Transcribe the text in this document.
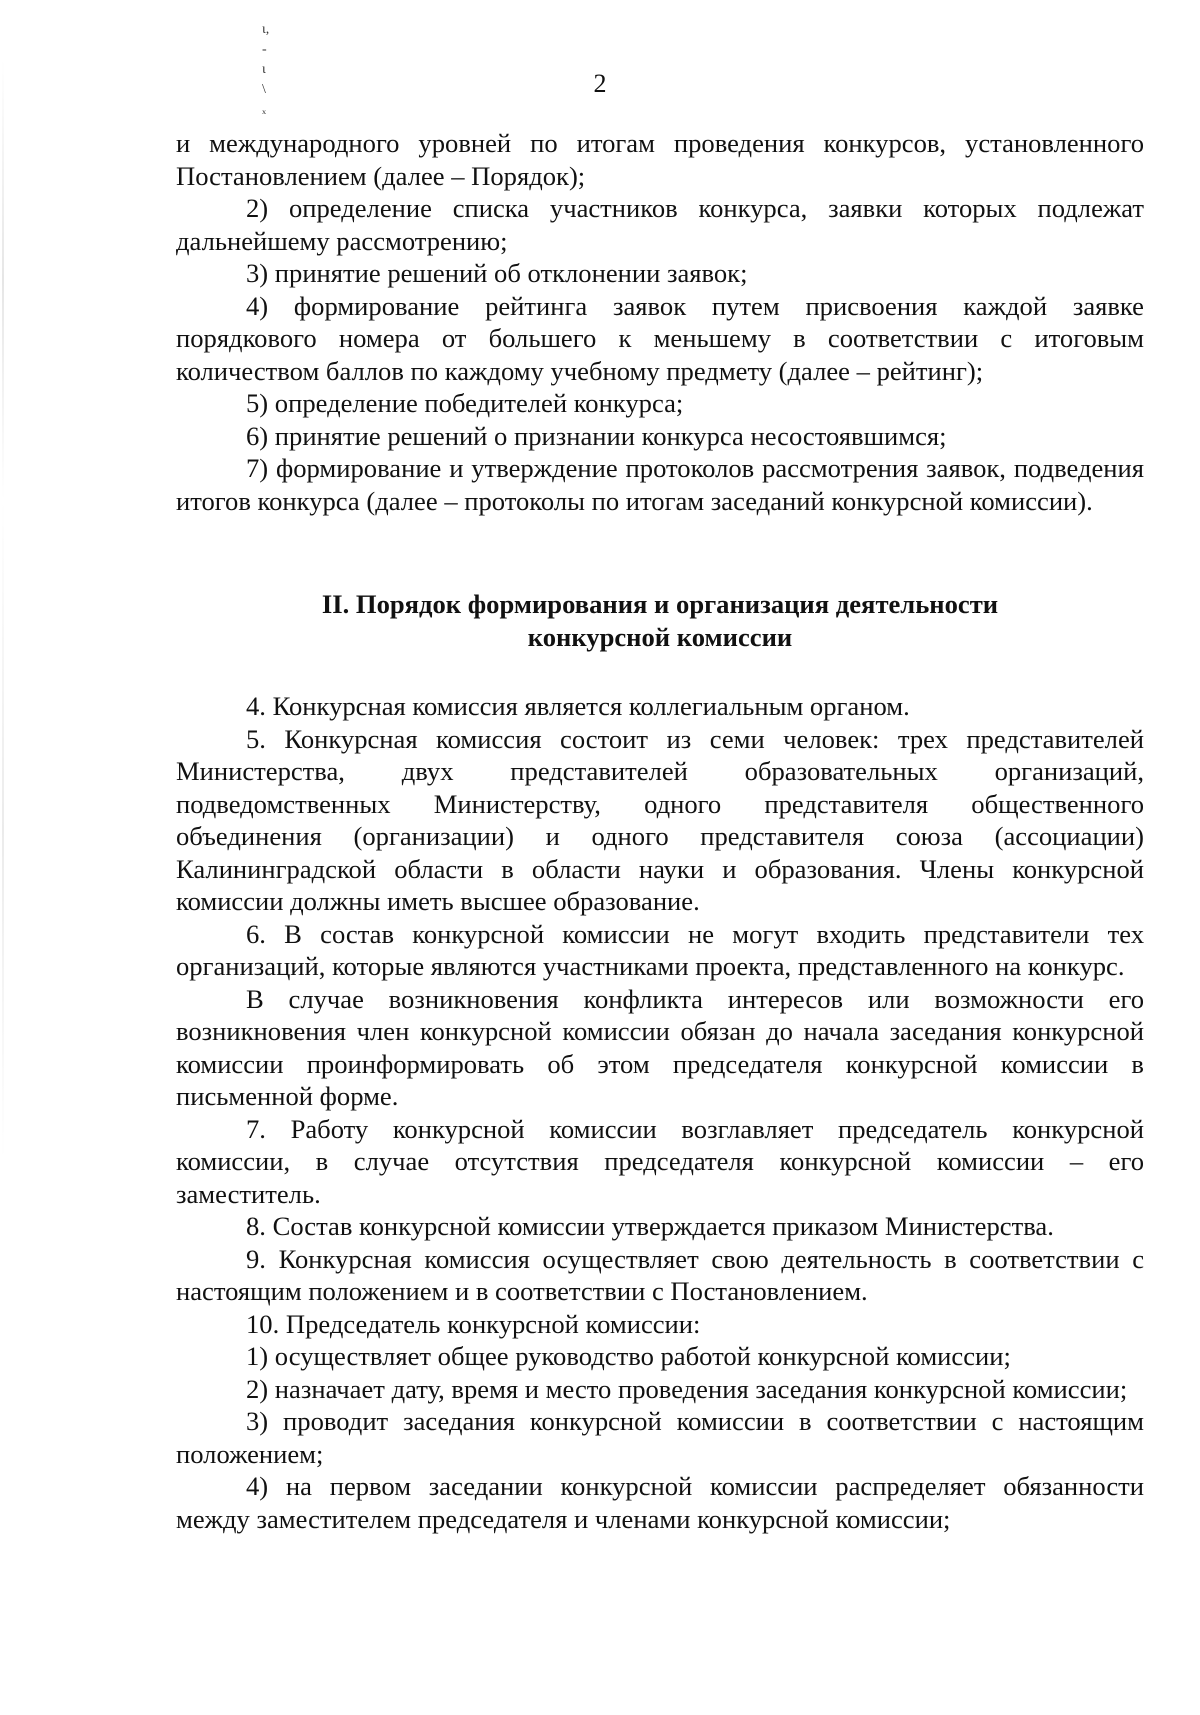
ι,
-
ι
\
ₓ
2

и международного уровней по итогам проведения конкурсов, установленного Постановлением (далее – Порядок);

2) определение списка участников конкурса, заявки которых подлежат дальнейшему рассмотрению;

3) принятие решений об отклонении заявок;

4) формирование рейтинга заявок путем присвоения каждой заявке порядкового номера от большего к меньшему в соответствии с итоговым количеством баллов по каждому учебному предмету (далее – рейтинг);

5) определение победителей конкурса;

6) принятие решений о признании конкурса несостоявшимся;

7) формирование и утверждение протоколов рассмотрения заявок, подведения итогов конкурса (далее – протоколы по итогам заседаний конкурсной комиссии).

II. Порядок формирования и организация деятельности
конкурсной комиссии

4. Конкурсная комиссия является коллегиальным органом.

5. Конкурсная комиссия состоит из семи человек: трех представителей Министерства, двух представителей образовательных организаций, подведомственных Министерству, одного представителя общественного объединения (организации) и одного представителя союза (ассоциации) Калининградской области в области науки и образования. Члены конкурсной комиссии должны иметь высшее образование.

6. В состав конкурсной комиссии не могут входить представители тех организаций, которые являются участниками проекта, представленного на конкурс.

В случае возникновения конфликта интересов или возможности его возникновения член конкурсной комиссии обязан до начала заседания конкурсной комиссии проинформировать об этом председателя конкурсной комиссии в письменной форме.

7. Работу конкурсной комиссии возглавляет председатель конкурсной комиссии, в случае отсутствия председателя конкурсной комиссии – его заместитель.

8. Состав конкурсной комиссии утверждается приказом Министерства.

9. Конкурсная комиссия осуществляет свою деятельность в соответствии с настоящим положением и в соответствии с Постановлением.

10. Председатель конкурсной комиссии:

1) осуществляет общее руководство работой конкурсной комиссии;

2) назначает дату, время и место проведения заседания конкурсной комиссии;

3) проводит заседания конкурсной комиссии в соответствии с настоящим положением;

4) на первом заседании конкурсной комиссии распределяет обязанности между заместителем председателя и членами конкурсной комиссии;
